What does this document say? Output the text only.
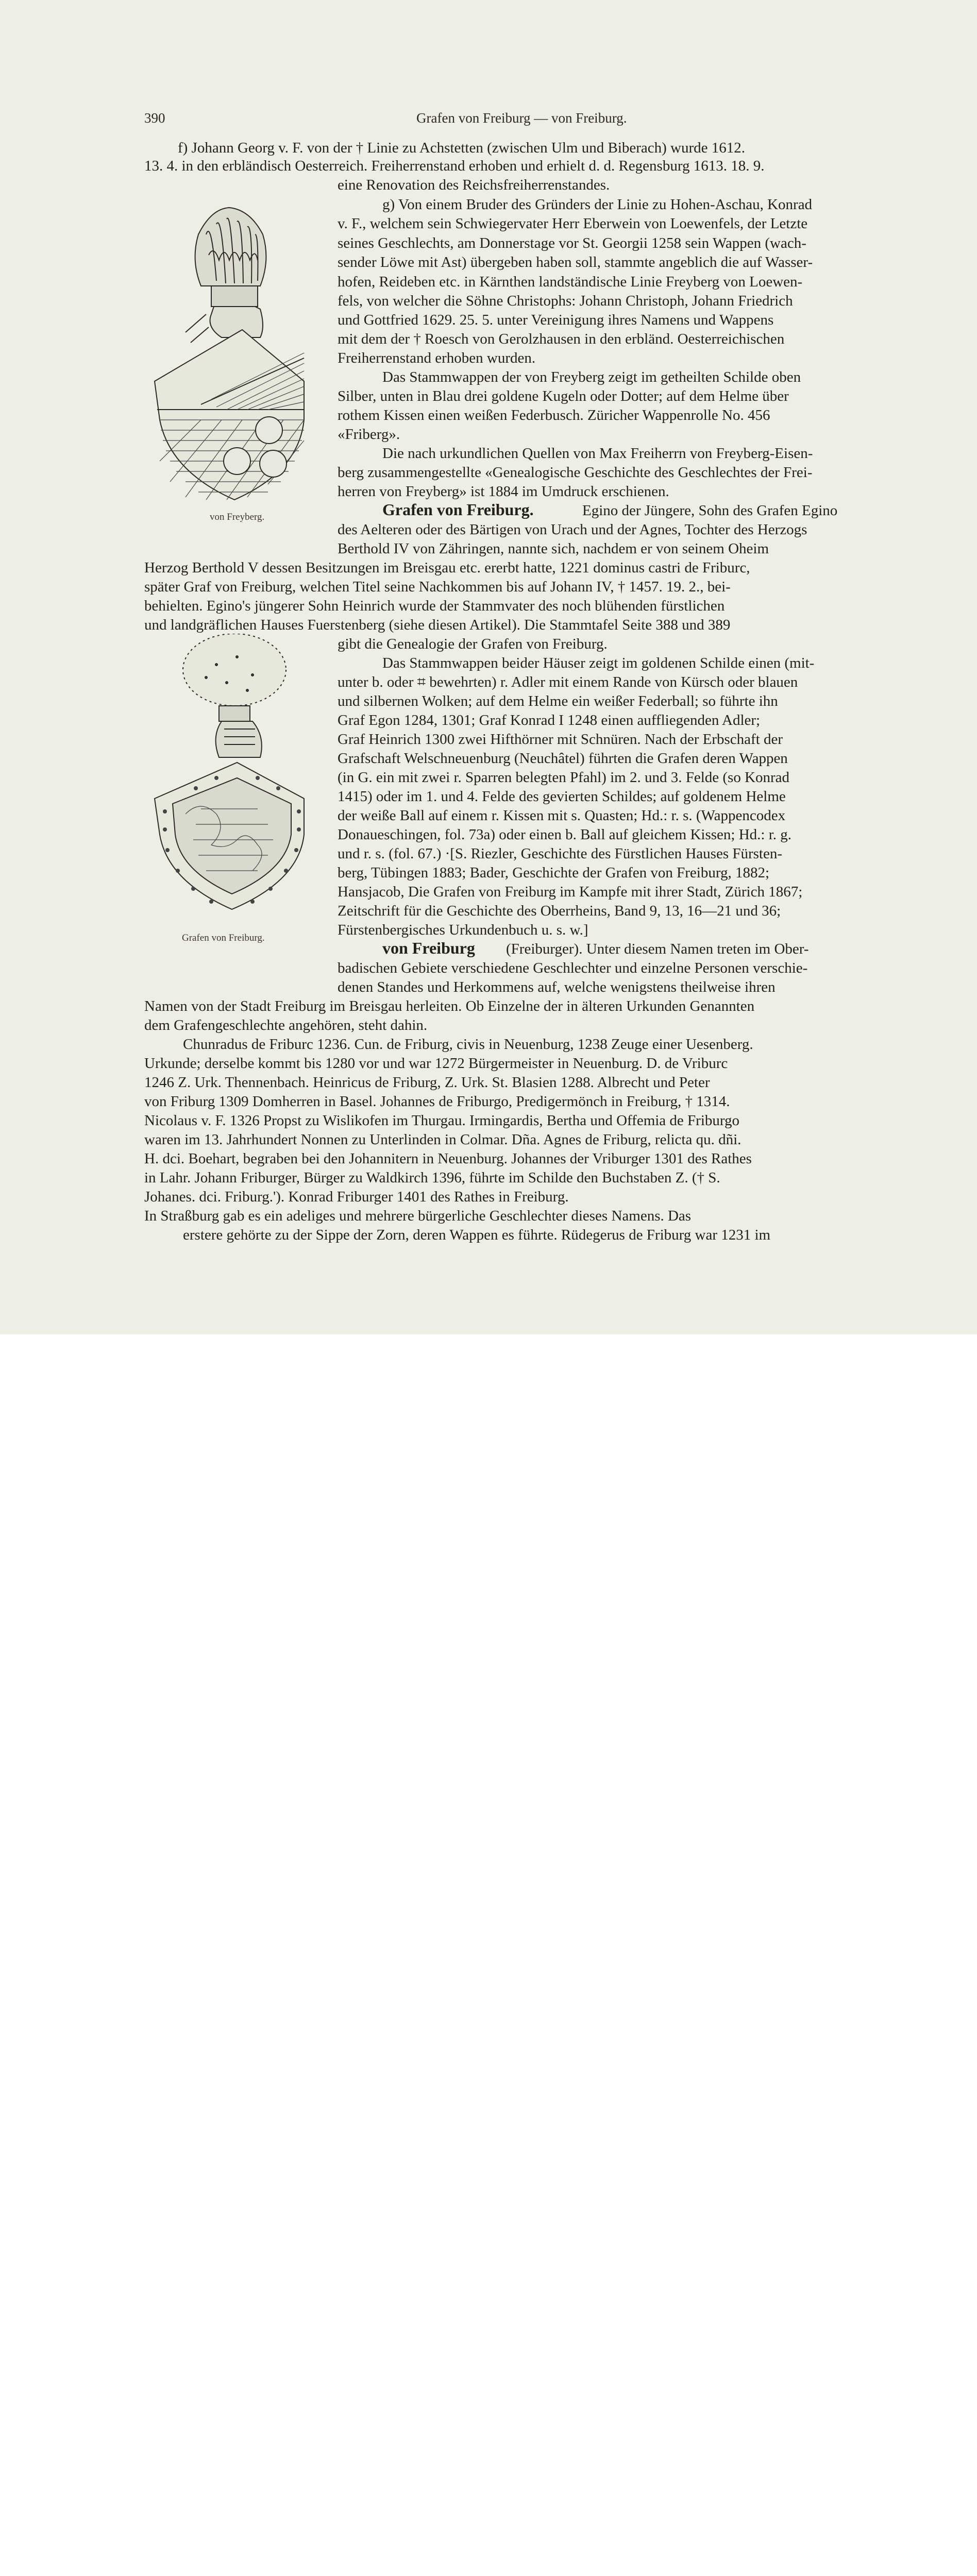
390	Grafen von Freiburg — von Freiburg.
von Freyberg.
Grafen von Freiburg.
f) Johann Georg v. F. von der † Linie zu Achstetten (zwischen Ulm und Biberach) wurde 1612.
13. 4. in den erbländisch Oesterreich. Freiherrenstand erhoben und erhielt d. d. Regensburg 1613. 18. 9.
eine Renovation des Reichsfreiherrenstandes.
g) Von einem Bruder des Gründers der Linie zu Hohen-Aschau, Konrad
v. F., welchem sein Schwiegervater Herr Eberwein von Loewenfels, der Letzte
seines Geschlechts, am Donnerstage vor St. Georgii 1258 sein Wappen (wach-
sender Löwe mit Ast) übergeben haben soll, stammte angeblich die auf Wasser-
hofen, Reideben etc. in Kärnthen landständische Linie Freyberg von Loewen-
fels, von welcher die Söhne Christophs: Johann Christoph, Johann Friedrich
und Gottfried 1629. 25. 5. unter Vereinigung ihres Namens und Wappens
mit dem der † Roesch von Gerolzhausen in den erbländ. Oesterreichischen
Freiherrenstand erhoben wurden.
Das Stammwappen der von Freyberg zeigt im getheilten Schilde oben
Silber, unten in Blau drei goldene Kugeln oder Dotter; auf dem Helme über
rothem Kissen einen weißen Federbusch. Züricher Wappenrolle No. 456
«Friberg».
Die nach urkundlichen Quellen von Max Freiherrn von Freyberg-Eisen-
berg zusammengestellte «Genealogische Geschichte des Geschlechtes der Frei-
herren von Freyberg» ist 1884 im Umdruck erschienen.
Grafen von Freiburg.	Egino der Jüngere, Sohn des Grafen Egino
des Aelteren oder des Bärtigen von Urach und der Agnes, Tochter des Herzogs
Berthold IV von Zähringen, nannte sich, nachdem er von seinem Oheim
Herzog Berthold V dessen Besitzungen im Breisgau etc. ererbt hatte, 1221 dominus castri de Friburc,
später Graf von Freiburg, welchen Titel seine Nachkommen bis auf Johann IV, † 1457. 19. 2., bei-
behielten. Egino's jüngerer Sohn Heinrich wurde der Stammvater des noch blühenden fürstlichen
und landgräflichen Hauses Fuerstenberg (siehe diesen Artikel). Die Stammtafel Seite 388 und 389
gibt die Genealogie der Grafen von Freiburg.
Das Stammwappen beider Häuser zeigt im goldenen Schilde einen (mit-
unter b. oder ⌗ bewehrten) r. Adler mit einem Rande von Kürsch oder blauen
und silbernen Wolken; auf dem Helme ein weißer Federball; so führte ihn
Graf Egon 1284, 1301; Graf Konrad I 1248 einen auffliegenden Adler;
Graf Heinrich 1300 zwei Hifthörner mit Schnüren. Nach der Erbschaft der
Grafschaft Welschneuenburg (Neuchâtel) führten die Grafen deren Wappen
(in G. ein mit zwei r. Sparren belegten Pfahl) im 2. und 3. Felde (so Konrad
1415) oder im 1. und 4. Felde des gevierten Schildes; auf goldenem Helme
der weiße Ball auf einem r. Kissen mit s. Quasten; Hd.: r. s. (Wappencodex
Donaueschingen, fol. 73a) oder einen b. Ball auf gleichem Kissen; Hd.: r. g.
und r. s. (fol. 67.) ·[S. Riezler, Geschichte des Fürstlichen Hauses Fürsten-
berg, Tübingen 1883; Bader, Geschichte der Grafen von Freiburg, 1882;
Hansjacob, Die Grafen von Freiburg im Kampfe mit ihrer Stadt, Zürich 1867;
Zeitschrift für die Geschichte des Oberrheins, Band 9, 13, 16—21 und 36;
Fürstenbergisches Urkundenbuch u. s. w.]
von Freiburg (Freiburger). Unter diesem Namen treten im Ober-
badischen Gebiete verschiedene Geschlechter und einzelne Personen verschie-
denen Standes und Herkommens auf, welche wenigstens theilweise ihren
Namen von der Stadt Freiburg im Breisgau herleiten. Ob Einzelne der in älteren Urkunden Genannten
dem Grafengeschlechte angehören, steht dahin.
Chunradus de Friburc 1236. Cun. de Friburg, civis in Neuenburg, 1238 Zeuge einer Uesenberg.
Urkunde; derselbe kommt bis 1280 vor und war 1272 Bürgermeister in Neuenburg. D. de Vriburc
1246 Z. Urk. Thennenbach. Heinricus de Friburg, Z. Urk. St. Blasien 1288. Albrecht und Peter
von Friburg 1309 Domherren in Basel. Johannes de Friburgo, Predigermönch in Freiburg, † 1314.
Nicolaus v. F. 1326 Propst zu Wislikofen im Thurgau. Irmingardis, Bertha und Offemia de Friburgo
waren im 13. Jahrhundert Nonnen zu Unterlinden in Colmar. Dña. Agnes de Friburg, relicta qu. dñi.
H. dci. Boehart, begraben bei den Johannitern in Neuenburg. Johannes der Vriburger 1301 des Rathes
in Lahr. Johann Friburger, Bürger zu Waldkirch 1396, führte im Schilde den Buchstaben Z. († S.
Johanes. dci. Friburg.'). Konrad Friburger 1401 des Rathes in Freiburg.
In Straßburg gab es ein adeliges und mehrere bürgerliche Geschlechter dieses Namens. Das
erstere gehörte zu der Sippe der Zorn, deren Wappen es führte. Rüdegerus de Friburg war 1231 im
